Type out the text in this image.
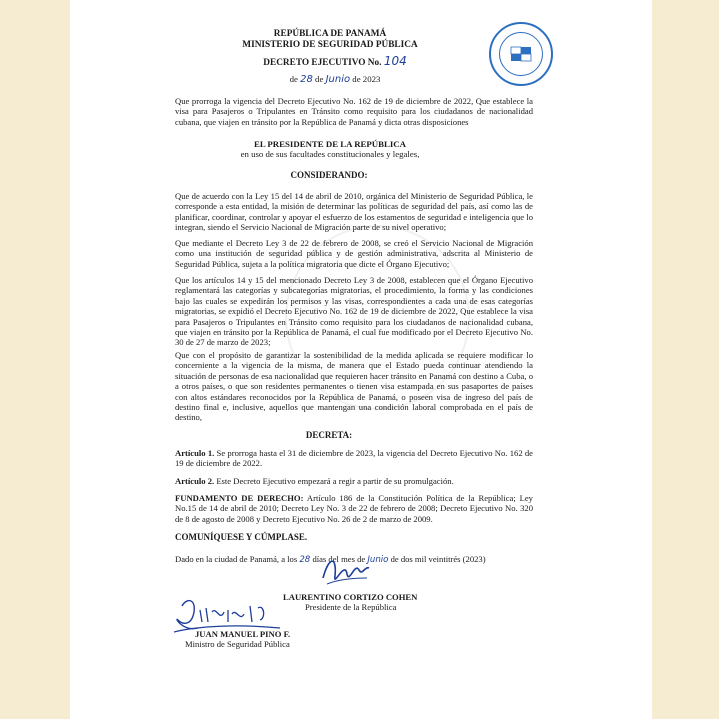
REPÚBLICA DE PANAMÁ
MINISTERIO DE SEGURIDAD PÚBLICA
DECRETO EJECUTIVO No. 104
de 28 de Junio de 2023
Que prorroga la vigencia del Decreto Ejecutivo No. 162 de 19 de diciembre de 2022, Que establece la visa para Pasajeros o Tripulantes en Tránsito como requisito para los ciudadanos de nacionalidad cubana, que viajen en tránsito por la República de Panamá y dicta otras disposiciones
EL PRESIDENTE DE LA REPÚBLICA
en uso de sus facultades constitucionales y legales,
CONSIDERANDO:
Que de acuerdo con la Ley 15 del 14 de abril de 2010, orgánica del Ministerio de Seguridad Pública, le corresponde a esta entidad, la misión de determinar las políticas de seguridad del país, así como las de planificar, coordinar, controlar y apoyar el esfuerzo de los estamentos de seguridad e inteligencia que lo integran, siendo el Servicio Nacional de Migración parte de su nivel operativo;
Que mediante el Decreto Ley 3 de 22 de febrero de 2008, se creó el Servicio Nacional de Migración como una institución de seguridad pública y de gestión administrativa, adscrita al Ministerio de Seguridad Pública, sujeta a la política migratoria que dicte el Órgano Ejecutivo;
Que los artículos 14 y 15 del mencionado Decreto Ley 3 de 2008, establecen que el Órgano Ejecutivo reglamentará las categorías y subcategorías migratorias, el procedimiento, la forma y las condiciones bajo las cuales se expedirán los permisos y las visas, correspondientes a cada una de esas categorías migratorias, se expidió el Decreto Ejecutivo No. 162 de 19 de diciembre de 2022, Que establece la visa para Pasajeros o Tripulantes en Tránsito como requisito para los ciudadanos de nacionalidad cubana, que viajen en tránsito por la República de Panamá, el cual fue modificado por el Decreto Ejecutivo No. 30 de 27 de marzo de 2023;
Que con el propósito de garantizar la sostenibilidad de la medida aplicada se requiere modificar lo concerniente a la vigencia de la misma, de manera que el Estado pueda continuar atendiendo la situación de personas de esa nacionalidad que requieren hacer tránsito en Panamá con destino a Cuba, o a otros países, o que son residentes permanentes o tienen visa estampada en sus pasaportes de países con altos estándares reconocidos por la República de Panamá, o poseen visa de ingreso del país de destino final e, inclusive, aquellos que mantengan una condición laboral comprobada en el país de destino,
DECRETA:
Artículo 1. Se prorroga hasta el 31 de diciembre de 2023, la vigencia del Decreto Ejecutivo No. 162 de 19 de diciembre de 2022.
Artículo 2. Este Decreto Ejecutivo empezará a regir a partir de su promulgación.
FUNDAMENTO DE DERECHO: Artículo 186 de la Constitución Política de la República; Ley No.15 de 14 de abril de 2010; Decreto Ley No. 3 de 22 de febrero de 2008; Decreto Ejecutivo No. 320 de 8 de agosto de 2008 y Decreto Ejecutivo No. 26 de 2 de marzo de 2009.
COMUNÍQUESE Y CÚMPLASE.
Dado en la ciudad de Panamá, a los 28 días del mes de Junio de dos mil veintitrés (2023)
LAURENTINO CORTIZO COHEN
Presidente de la República
JUAN MANUEL PINO F.
Ministro de Seguridad Pública
